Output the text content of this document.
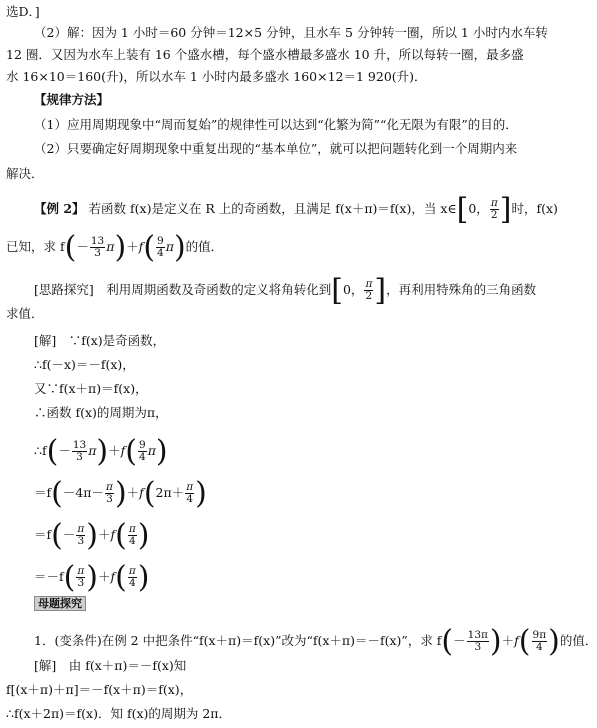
选D．]
（2）解：因为 1 小时＝60 分钟＝12×5 分钟，且水车 5 分钟转一圈，所以 1 小时内水车转
12 圈．又因为水车上装有 16 个盛水槽，每个盛水槽最多盛水 10 升，所以每转一圈，最多盛
水 16×10＝160(升)，所以水车 1 小时内最多盛水 160×12＝1 920(升)．
【规律方法】
（1）应用周期现象中“周而复始”的规律性可以达到“化繁为简”“化无限为有限”的目的．
（2）只要确定好周期现象中重复出现的“基本单位”，就可以把问题转化到一个周期内来
解决．
【例 2】 若函数 f(x)是定义在 R 上的奇函数，且满足 f(x＋π)＝f(x)，当 x∈[0， $\frac{\pi}{2}$ ]时，f(x)
已知，求 $f(- \frac{13}{3} \pi)+f( \frac{9}{4} \pi)$的值．
[思路探究]　利用周期函数及奇函数的定义将角转化到[0， $\frac{\pi}{2}$ ]，再利用特殊角的三角函数
求值．
[解]　∵f(x)是奇函数，
∴f(－x)＝－f(x)，
又∵f(x＋π)＝f(x)，
∴函数 f(x)的周期为π，
∴f(－ $\frac{13}{3} \pi)+f( \frac{9}{4} \pi)$
$=f(-4\pi- \frac{\pi}{3} )+f(2\pi+ \frac{\pi}{4}$ )
$=f(- \frac{\pi}{3} )+f( \frac{\pi}{4}$ )
$=-f( \frac{\pi}{3} )+f( \frac{\pi}{4}$ )
母题探究
1．(变条件)在例 2 中把条件“f(x＋π)＝f(x)”改为“f(x＋π)＝－f(x)”，求 $f(- \frac{13\pi}{3} )+f( \frac{9\pi}{4}$ )的值．
[解]　由 f(x＋π)＝－f(x)知
f[(x＋π)＋π]＝－f(x＋π)＝f(x)，
∴f(x＋2π)＝f(x)．知 f(x)的周期为 2π．
